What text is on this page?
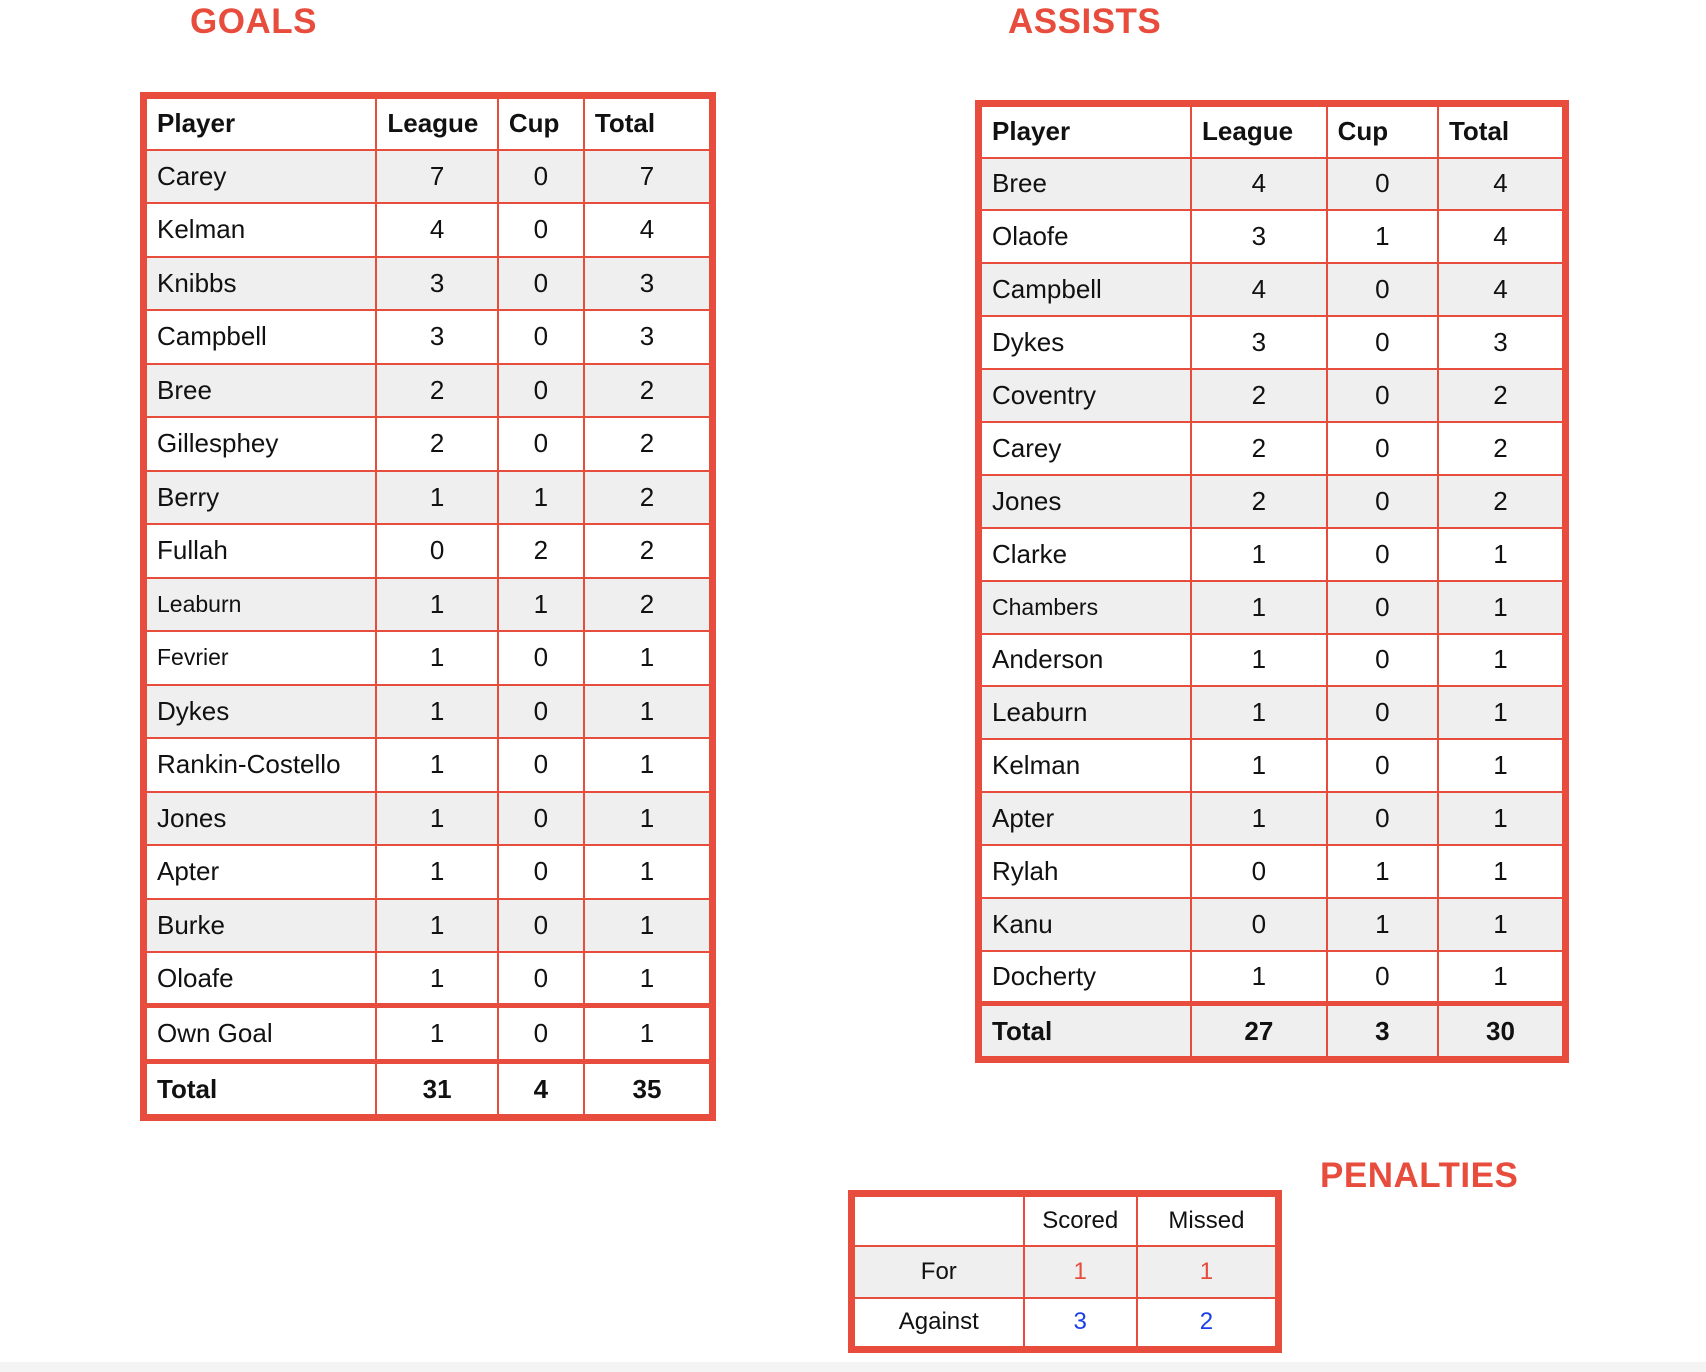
GOALS	ASSISTS
PENALTIES
Player	League	Cup	Total
Carey	7	0	7
Kelman	4	0	4
Knibbs	3	0	3
Campbell	3	0	3
Bree	2	0	2
Gillesphey	2	0	2
Berry	1	1	2
Fullah	0	2	2
Leaburn	1	1	2
Fevrier	1	0	1
Dykes	1	0	1
Rankin-Costello	1	0	1
Jones	1	0	1
Apter	1	0	1
Burke	1	0	1
Oloafe	1	0	1
Own Goal	1	0	1
Total	31	4	35
Player	League	Cup	Total
Bree	4	0	4
Olaofe	3	1	4
Campbell	4	0	4
Dykes	3	0	3
Coventry	2	0	2
Carey	2	0	2
Jones	2	0	2
Clarke	1	0	1
Chambers	1	0	1
Anderson	1	0	1
Leaburn	1	0	1
Kelman	1	0	1
Apter	1	0	1
Rylah	0	1	1
Kanu	0	1	1
Docherty	1	0	1
Total	27	3	30
	Scored	Missed
For	1	1
Against	3	2
